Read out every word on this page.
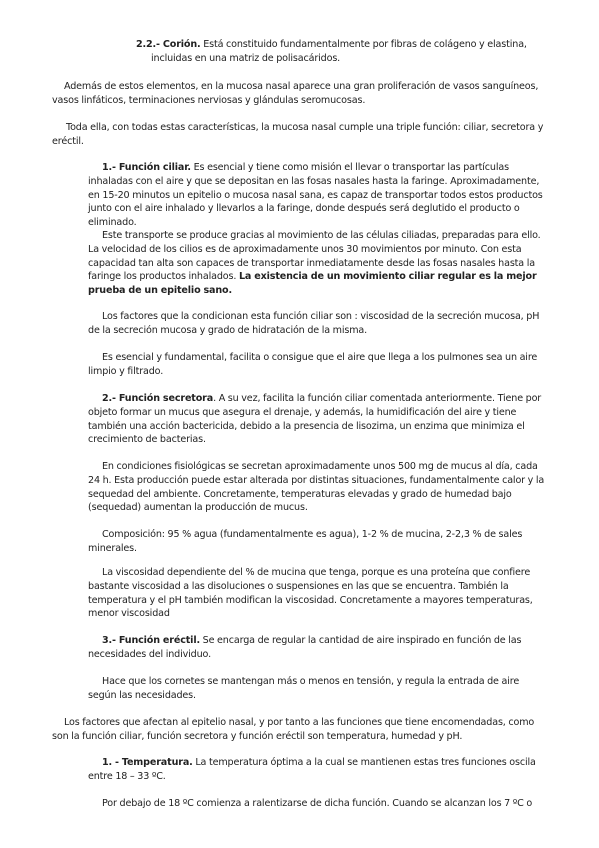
2.2.- Corión. Está constituido fundamentalmente por fibras de colágeno y elastina,

incluidas en una matriz de polisacáridos.

Además de estos elementos, en la mucosa nasal aparece una gran proliferación de vasos sanguíneos, vasos linfáticos, terminaciones nerviosas y glándulas seromucosas.

Toda ella, con todas estas características, la mucosa nasal cumple una triple función: ciliar, secretora y eréctil.

1.- Función ciliar. Es esencial y tiene como misión el llevar o transportar las partículas inhaladas con el aire y que se depositan en las fosas nasales hasta la faringe. Aproximadamente, en 15-20 minutos un epitelio o mucosa nasal sana, es capaz de transportar todos estos productos junto con el aire inhalado y llevarlos a la faringe, donde después será deglutido el producto o eliminado.

Este transporte se produce gracias al movimiento de las células ciliadas, preparadas para ello. La velocidad de los cilios es de aproximadamente unos 30 movimientos por minuto. Con esta capacidad tan alta son capaces de transportar inmediatamente desde las fosas nasales hasta la faringe los productos inhalados. La existencia de un movimiento ciliar regular es la mejor prueba de un epitelio sano.

Los factores que la condicionan esta función ciliar son : viscosidad de la secreción mucosa, pH de la secreción mucosa y grado de hidratación de la misma.

Es esencial y fundamental, facilita o consigue que el aire que llega a los pulmones sea un aire limpio y filtrado.

2.- Función secretora. A su vez, facilita la función ciliar comentada anteriormente. Tiene por objeto formar un mucus que asegura el drenaje, y además, la humidificación del aire y tiene también una acción bactericida, debido a la presencia de lisozima, un enzima que minimiza el crecimiento de bacterias.

En condiciones fisiológicas se secretan aproximadamente unos 500 mg de mucus al día, cada 24 h. Esta producción puede estar alterada por distintas situaciones, fundamentalmente calor y la sequedad del ambiente. Concretamente, temperaturas elevadas y grado de humedad bajo (sequedad) aumentan la producción de mucus.

Composición: 95 % agua (fundamentalmente es agua), 1-2 % de mucina, 2-2,3 % de sales minerales.

La viscosidad dependiente del % de mucina que tenga, porque es una proteína que confiere bastante viscosidad a las disoluciones o suspensiones en las que se encuentra. También la temperatura y el pH también modifican la viscosidad. Concretamente a mayores temperaturas, menor viscosidad

3.- Función eréctil. Se encarga de regular la cantidad de aire inspirado en función de las necesidades del individuo.

Hace que los cornetes se mantengan más o menos en tensión, y regula la entrada de aire según las necesidades.

Los factores que afectan al epitelio nasal, y por tanto a las funciones que tiene encomendadas, como son la función ciliar, función secretora y función eréctil son temperatura, humedad y pH.

1. - Temperatura. La temperatura óptima a la cual se mantienen estas tres funciones oscila entre 18 – 33 ºC.

Por debajo de 18 ºC comienza a ralentizarse de dicha función. Cuando se alcanzan los 7 ºC o
